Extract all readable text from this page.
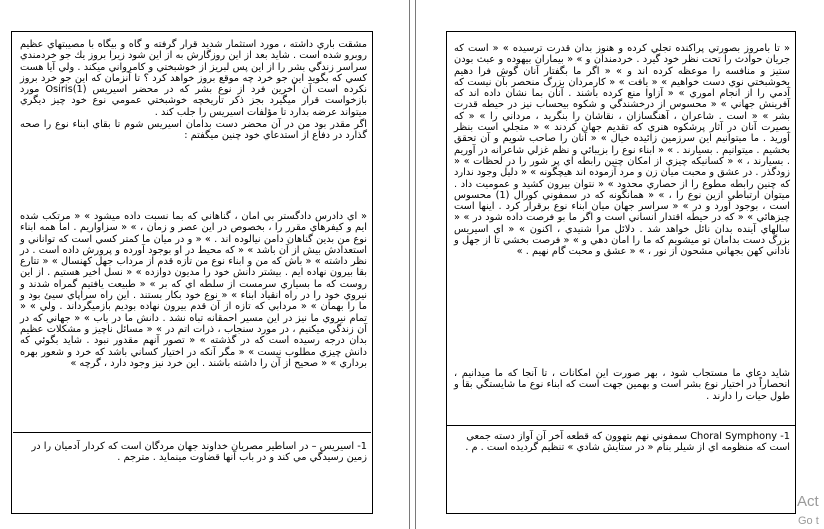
مشقت باري داشته ، مورد استثمار شديد قرار گرفته و گاه و بيگاه با مصيبتهاي عظيم روبرو شده است . شايد بعد از اين روزگارش به از اين شود زيرا بروز يك جو خردمندي سراسر زندگي بشر را از اين پس لبريز از خوشبختي و كامرواني ميكند . ولي آيا هست كسي كه بگويد اين جو خرد چه موقع بروز خواهد كرد ؟ تا آنزمان كه اين جو خرد بروز نكرده است آن آخرين فرد از نوع بشر كه در محضر اسيريس Osiris(1) مورد بازخواست قرار ميگيرد بجز ذكر تاريخچه خوشبختي عمومي نوع خود چيز ديگري ميتواند عرضه بدارد تا مؤلفات اسيريس را جلب كند .

اگر مقدر بود من در آن محضر دست بدامان اسيريس شوم تا بقاي ابناء نوع را صحه گذارد در دفاع از استدعاي خود چنين ميگفتم :

« اي دادرس دادگستر بي امان ، گناهاني كه بما نسبت داده ميشود » « مرتكب شده ايم و كيفرهاي مقرر را ، بخصوص در اين عصر و زمان ، » « سزاواريم . اما همه ابناء نوع من بدين گناهان دامن نيالوده اند . » « و در ميان ما كمتر كسي است كه تواناني و استعدادش بيش از آن باشد » « كه محيط در او بوجود آورده و پرورش داده است . در نظر داشته » « باش كه من و ابناء نوع من تازه قدم از مرداب جهل كهنسال » « تتارع بقا بيرون نهاده ايم . بيشتر دانش خود را مديون دوازده » « نسل اخير هستيم . از اين روست كه ما بسياري سرمست از سلطه اي كه بر » « طبيعت يافتيم گمراه شدند و نيروي خود را در راه انقياد ابناء » « نوع خود بكار بستند . اين راه سراپاي سيئ بود و ما را بهمان » « مردابي كه تازه از آن قدم بيرون نهاده بوديم بازميگرداند . ولي » « تمام نيروي ما نيز در اين مسير احمقانه تباه نشد . دانش ما در باب » « جهاني كه در آن زندگي ميكنيم ، در مورد سنجاب ، ذرات اتم در » « مسائل ناچيز و مشكلات عظيم بدان درجه رسيده است كه در گذشته » « تصور آنهم مقدور نبود . شايد بگوئي كه دانش چيزي مطلوب نيست » « مگر آنكه در اختيار كساني باشد كه خرد و شعور بهره برداري » « صحيح از آن را داشته باشند . اين خرد نيز وجود دارد ، گرچه »
1- اسيريس – در اساطير مصريان خداوند جهان مردگان است كه كردار آدميان را در زمين رسيدگي مي كند و در باب آنها قضاوت مينمايد . مترجم .
« تا بامروز بصورتي پراكنده تجلي كرده و هنوز بدان قدرت ترسيده » « است كه جريان حوادث را تحت نظر خود گيرد . خردمندان و » « بيماران بيهوده و عبث بودن ستيز و منافسه را موعظه كرده اند و » « اگر ما بگفتار آنان گوش فرا دهيم بخوشبختي نوي دست خواهيم » « يافت » « كارمردان بزرگ منحصر بآن نيست كه آدمي را از انجام اموري » « آزاوا منع كرده باشند . آنان بما نشان داده اند كه آفرينش جهاني » « محسوس از درخشندگي و شكوه بيحساب نيز در حيطه قدرت بشر » « است . شاعران ، آهنگسازان ، نقاشان را بنگريد ، مرداني را » « كه بصيرت آنان در آثار پرشكوه هنري كه تقديم جهان كردند » « متجلي است بنظر آوريد . ما ميتوانيم اين سرزمين زائيده خيال » « آنان را صاحب شويم و آن تحقق بخشيم . ميتوانيم . بسيارند . » « ابناء نوع را بزيبائي و نظم غزلي شاعرانه در آوريم . بسيارند ، » « كسانيكه چيزي از امكان چنين رابطه اي پر شور را در لحظات » « زودگذر . در عشق و محبت ميان زن و مرد آزموده اند هيچگونه » « دليل وجود ندارد كه چنين رابطه مطوع را از حصاري محدود » « نتوان بيرون كشيد و عموميت داد . ميتوان ارتباطي ازين نوع را ، » « همانگونه كه در سمفوني كورال (1) محسوس است ، بوجود آورد و در » « سراسر جهان ميان ابناء نوع برقرار كرد . اينها است چيزهائي » « كه در حيطه اقتدار انساني است و اگر ما بو فرصت داده شود در » « سالهاي آينده بدان نائل خواهد شد . دلائل مرا شنيدي ، اكنون » « اي اسيريس بزرگ دست بدامان تو ميشويم كه ما را امان دهي و » « فرصت بخشي تا از جهل و ناداني كهن بجهاني مشحون از نور ، » « عشق و محبت گام نهيم . »
شايد دعاي ما مستجاب شود ، بهر صورت اين امكانات ، تا آنجا كه ما ميدانيم ، انحصاراً در اختيار نوع بشر است و بهمين جهت است كه ابناء نوع ما شايستگي بقا و طول حيات را دارند .
1- Choral Symphony سمفوني نهم بتهوون كه قطعه آخر آن آواز دسته جمعي است كه منظومه اي از شيلر بنام « در ستايش شادي » تنظيم گرديده است . م .
Act
Go t
